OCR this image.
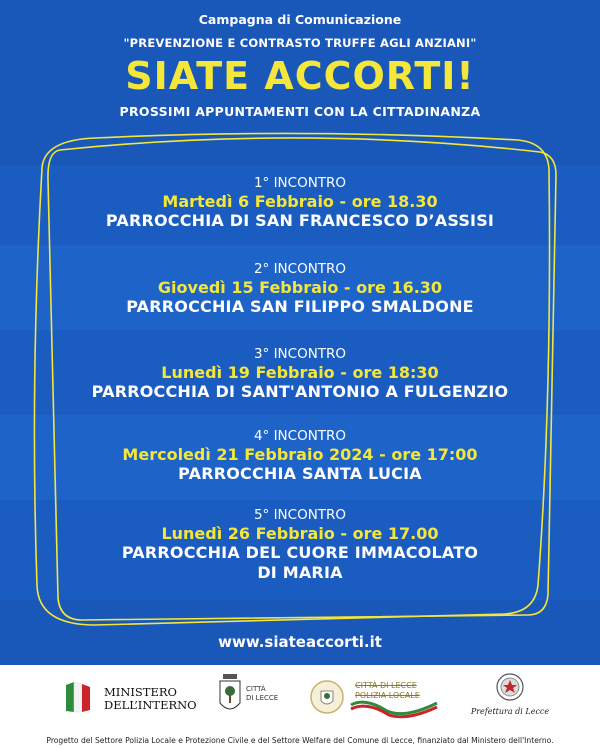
Campagna di Comunicazione
"PREVENZIONE E CONTRASTO TRUFFE AGLI ANZIANI"
SIATE ACCORTI!
PROSSIMI APPUNTAMENTI CON LA CITTADINANZA
1° INCONTRO
Martedì 6 Febbraio - ore 18.30
PARROCCHIA DI SAN FRANCESCO D’ASSISI
2° INCONTRO
Giovedì 15 Febbraio - ore 16.30
PARROCCHIA SAN FILIPPO SMALDONE
3° INCONTRO
Lunedì 19 Febbraio - ore 18:30
PARROCCHIA DI SANT'ANTONIO A FULGENZIO
4° INCONTRO
Mercoledì 21 Febbraio 2024 - ore 17:00
PARROCCHIA SANTA LUCIA
5° INCONTRO
Lunedì 26 Febbraio - ore 17.00
PARROCCHIA DEL CUORE IMMACOLATO
DI MARIA
www.siateaccorti.it
MINISTERO
DELL’INTERNO
CITTÀ
DI LECCE
CITTÀ DI LECCE
POLIZIA LOCALE
Prefettura di Lecce
Progetto del Settore Polizia Locale e Protezione Civile e del Settore Welfare del Comune di Lecce, finanziato dal Ministero dell'Interno.
